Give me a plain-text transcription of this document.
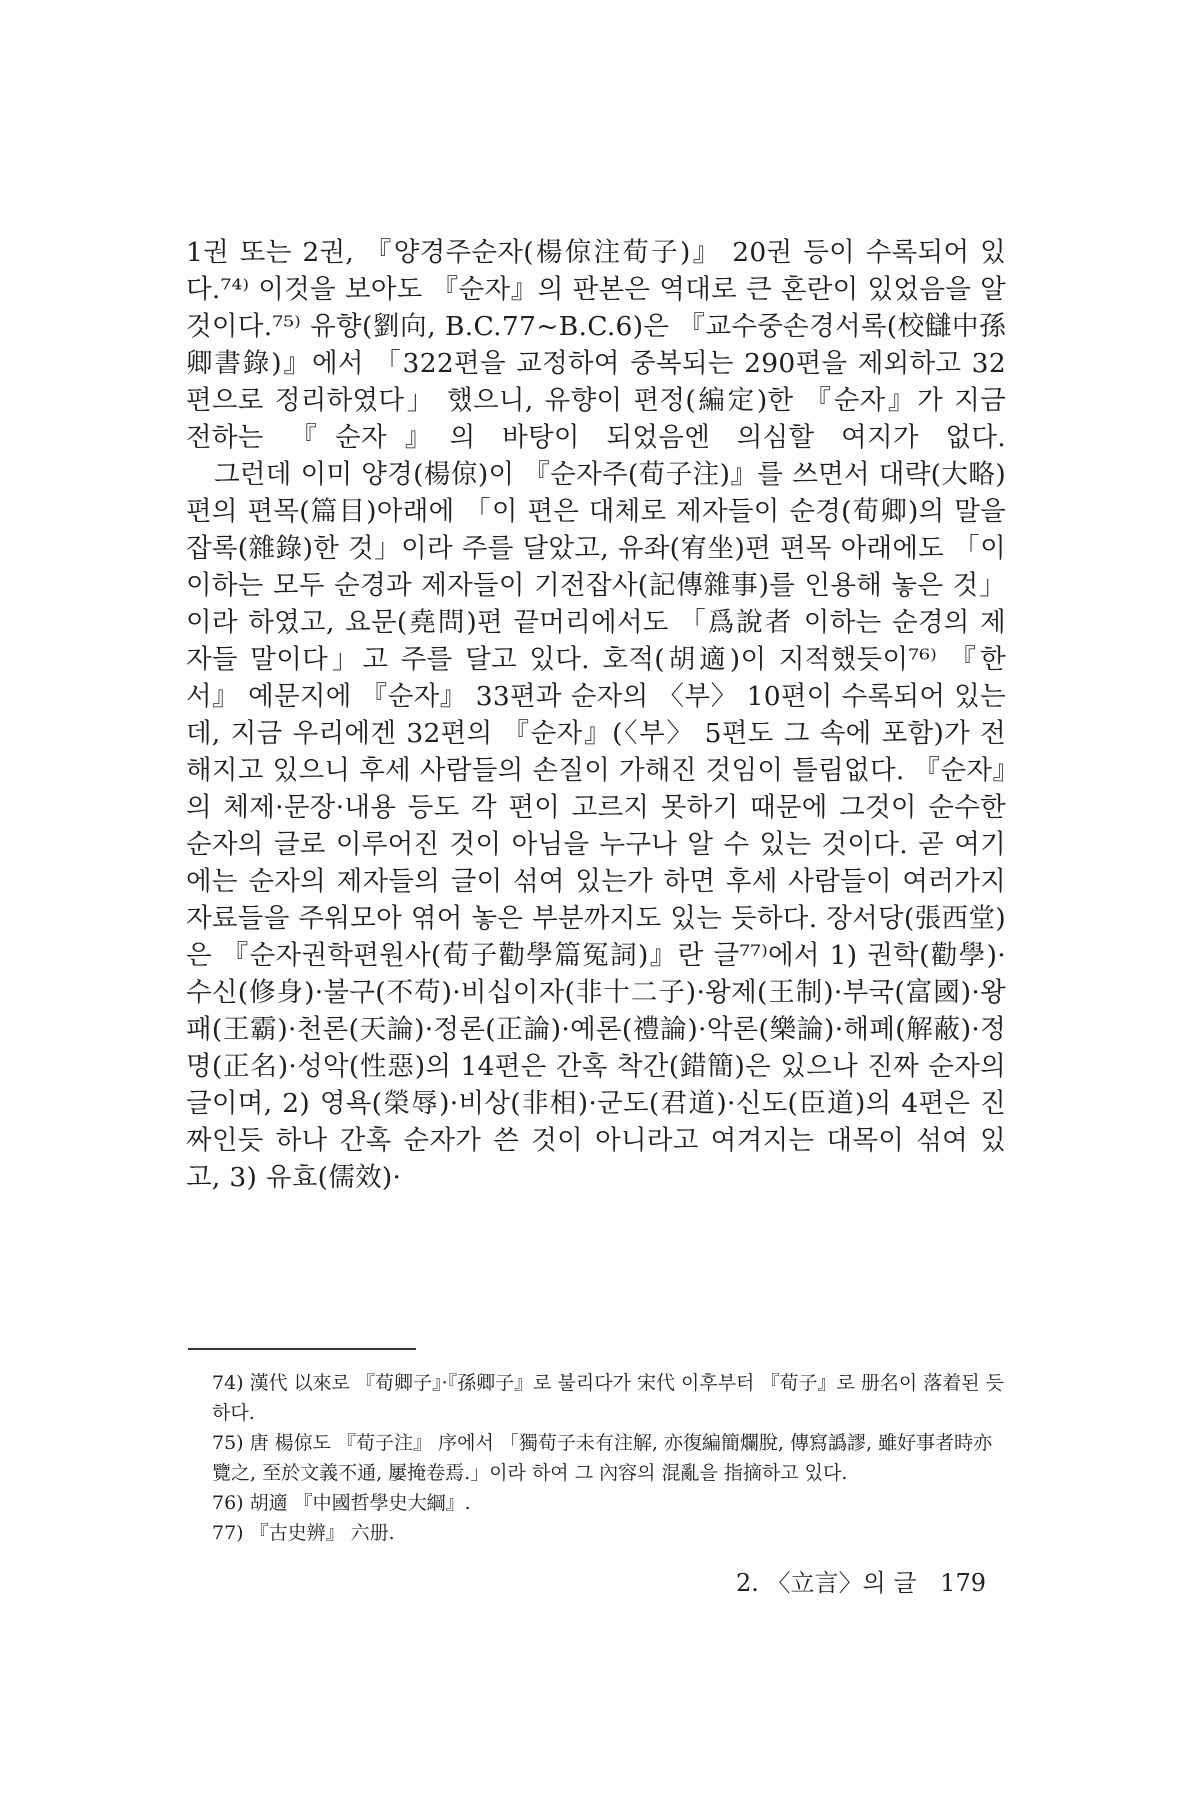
1권 또는 2권, 『양경주순자(楊倞注荀子)』 20권 등이 수록되어 있다.⁷⁴⁾ 이것을 보아도 『순자』의 판본은 역대로 큰 혼란이 있었음을 알 것이다.⁷⁵⁾ 유향(劉向, B.C.77~B.C.6)은 『교수중손경서록(校讎中孫卿書錄)』에서 「322편을 교정하여 중복되는 290편을 제외하고 32편으로 정리하였다」 했으니, 유향이 편정(編定)한 『순자』가 지금 전하는 『순자』의 바탕이 되었음엔 의심할 여지가 없다.

그런데 이미 양경(楊倞)이 『순자주(荀子注)』를 쓰면서 대략(大略)편의 편목(篇目)아래에 「이 편은 대체로 제자들이 순경(荀卿)의 말을 잡록(雜錄)한 것」이라 주를 달았고, 유좌(宥坐)편 편목 아래에도 「이 이하는 모두 순경과 제자들이 기전잡사(記傳雜事)를 인용해 놓은 것」이라 하였고, 요문(堯問)편 끝머리에서도 「爲說者 이하는 순경의 제자들 말이다」고 주를 달고 있다. 호적(胡適)이 지적했듯이⁷⁶⁾ 『한서』 예문지에 『순자』 33편과 순자의 〈부〉 10편이 수록되어 있는데, 지금 우리에겐 32편의 『순자』(〈부〉 5편도 그 속에 포함)가 전해지고 있으니 후세 사람들의 손질이 가해진 것임이 틀림없다. 『순자』의 체제·문장·내용 등도 각 편이 고르지 못하기 때문에 그것이 순수한 순자의 글로 이루어진 것이 아님을 누구나 알 수 있는 것이다. 곧 여기에는 순자의 제자들의 글이 섞여 있는가 하면 후세 사람들이 여러가지 자료들을 주워모아 엮어 놓은 부분까지도 있는 듯하다. 장서당(張西堂)은 『순자권학편원사(荀子勸學篇冤詞)』란 글⁷⁷⁾에서 1) 권학(勸學)·수신(修身)·불구(不苟)·비십이자(非十二子)·왕제(王制)·부국(富國)·왕패(王霸)·천론(天論)·정론(正論)·예론(禮論)·악론(樂論)·해폐(解蔽)·정명(正名)·성악(性惡)의 14편은 간혹 착간(錯簡)은 있으나 진짜 순자의 글이며, 2) 영욕(榮辱)·비상(非相)·군도(君道)·신도(臣道)의 4편은 진짜인듯 하나 간혹 순자가 쓴 것이 아니라고 여겨지는 대목이 섞여 있고, 3) 유효(儒效)·

74) 漢代 以來로 『荀卿子』·『孫卿子』로 불리다가 宋代 이후부터 『荀子』로 册名이 落着된 듯하다.

75) 唐 楊倞도 『荀子注』 序에서 「獨荀子未有注解, 亦復編簡爛脫, 傳寫譌謬, 雖好事者時亦覽之, 至於文義不通, 屢掩卷焉.」이라 하여 그 內容의 混亂을 指摘하고 있다.

76) 胡適 『中國哲學史大綱』.

77) 『古史辨』 六册.

2. 〈立言〉의 글 179
